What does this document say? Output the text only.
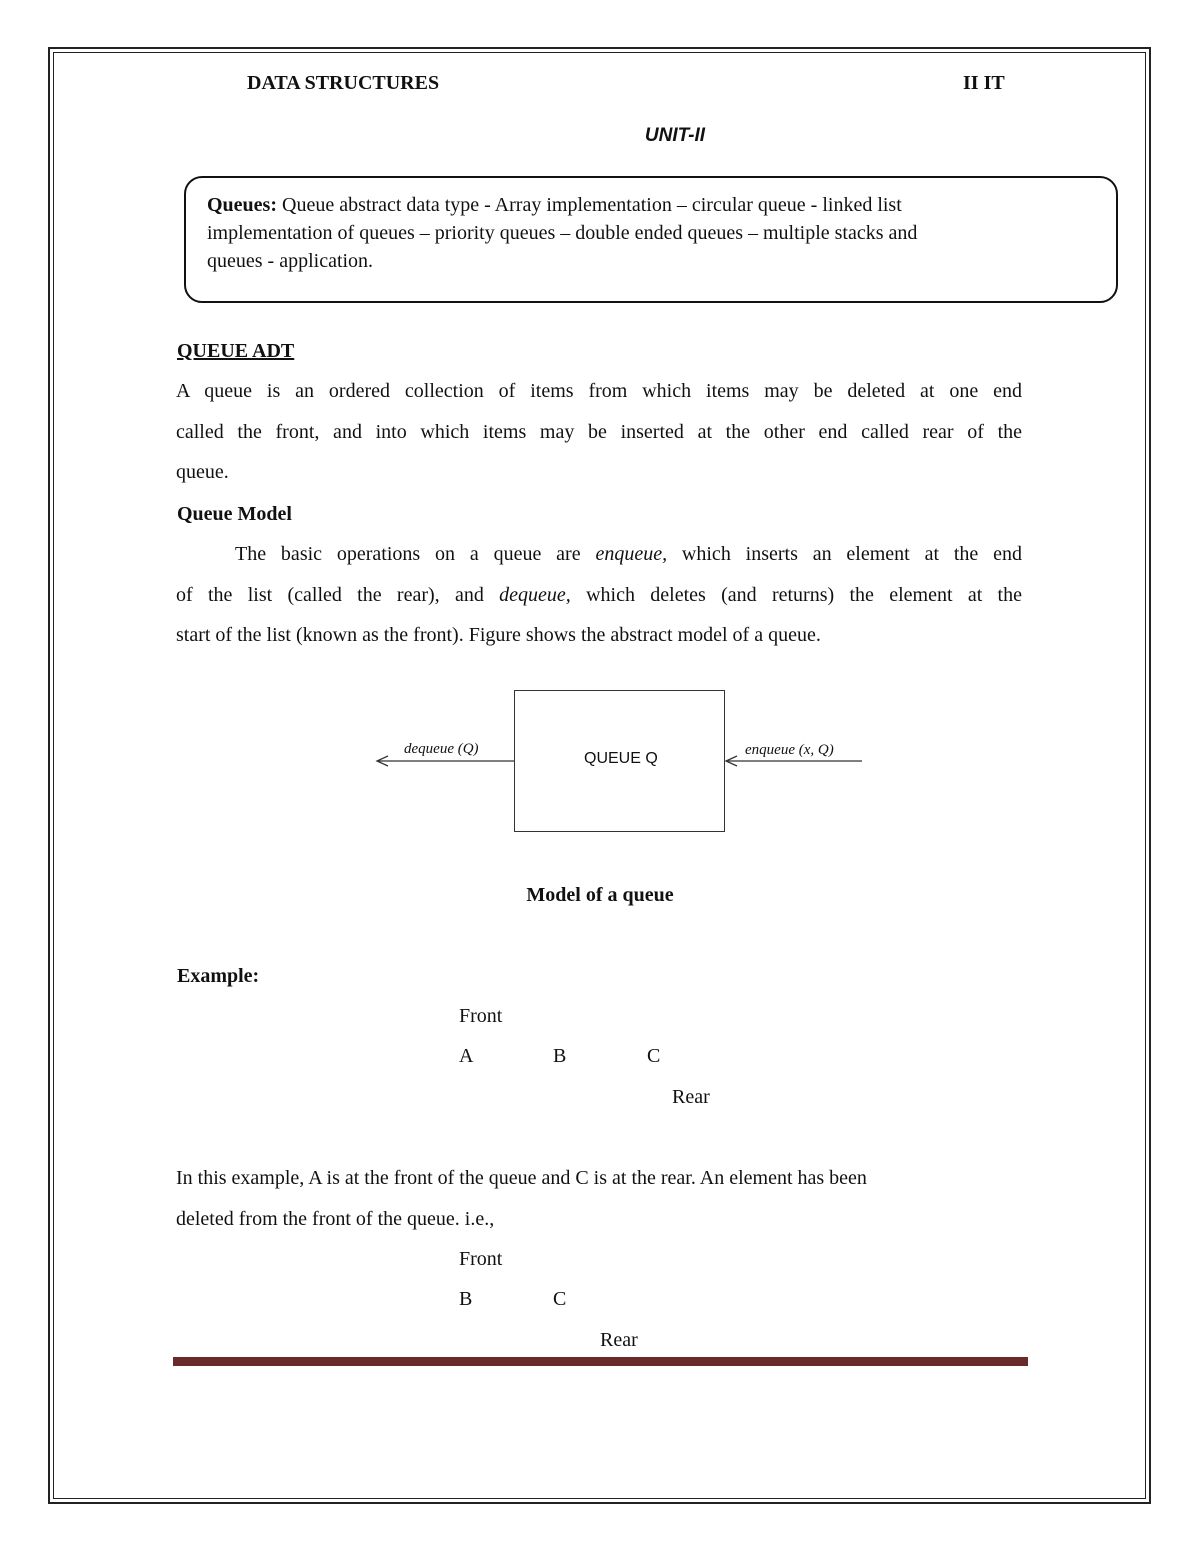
DATA STRUCTURES	II IT
UNIT-II
Queues: Queue abstract data type - Array implementation – circular queue - linked list
implementation of queues – priority queues – double ended queues – multiple stacks and
queues - application.
QUEUE ADT
A queue is an ordered collection of items from which items may be deleted at one end
called the front, and into which items may be inserted at the other end called rear of the
queue.
Queue Model
The basic operations on a queue are enqueue, which inserts an element at the end
of the list (called the rear), and dequeue, which deletes (and returns) the element at the
start of the list (known as the front). Figure shows the abstract model of a queue.
QUEUE Q
dequeue (Q)	enqueue (x, Q)
Model of a queue
Example:
Front
A	B	C
Rear
In this example, A is at the front of the queue and C is at the rear. An element has been
deleted from the front of the queue. i.e.,
Front
B	C
Rear
